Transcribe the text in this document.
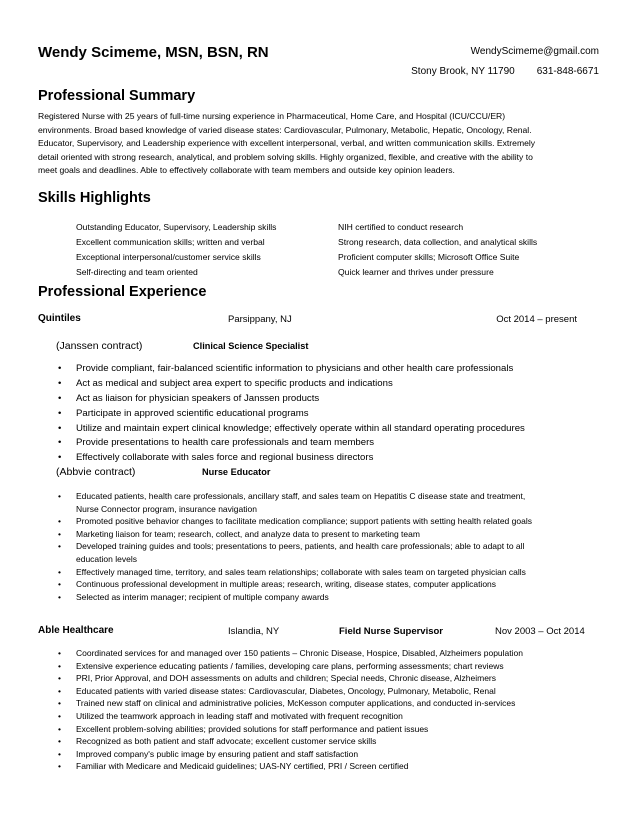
Wendy Scimeme, MSN, BSN, RN	WendyScimeme@gmail.com
Stony Brook, NY 11790 631-848-6671
Professional Summary
Registered Nurse with 25 years of full-time nursing experience in Pharmaceutical, Home Care, and Hospital (ICU/CCU/ER)
environments. Broad based knowledge of varied disease states: Cardiovascular, Pulmonary, Metabolic, Hepatic, Oncology, Renal.
Educator, Supervisory, and Leadership experience with excellent interpersonal, verbal, and written communication skills. Extremely
detail oriented with strong research, analytical, and problem solving skills. Highly organized, flexible, and creative with the ability to
meet goals and deadlines. Able to effectively collaborate with team members and outside key opinion leaders.
Skills Highlights
Outstanding Educator, Supervisory, Leadership skills	NIH certified to conduct research
Excellent communication skills; written and verbal	Strong research, data collection, and analytical skills
Exceptional interpersonal/customer service skills	Proficient computer skills; Microsoft Office Suite
Self-directing and team oriented	Quick learner and thrives under pressure
Professional Experience
Quintiles	Parsippany, NJ	Oct 2014 – present
(Janssen contract)	Clinical Science Specialist
• Provide compliant, fair-balanced scientific information to physicians and other health care professionals
• Act as medical and subject area expert to specific products and indications
• Act as liaison for physician speakers of Janssen products
• Participate in approved scientific educational programs
• Utilize and maintain expert clinical knowledge; effectively operate within all standard operating procedures
• Provide presentations to health care professionals and team members
• Effectively collaborate with sales force and regional business directors
(Abbvie contract)	Nurse Educator
• Educated patients, health care professionals, ancillary staff, and sales team on Hepatitis C disease state and treatment,
Nurse Connector program, insurance navigation
• Promoted positive behavior changes to facilitate medication compliance; support patients with setting health related goals
• Marketing liaison for team; research, collect, and analyze data to present to marketing team
• Developed training guides and tools; presentations to peers, patients, and health care professionals; able to adapt to all
education levels
• Effectively managed time, territory, and sales team relationships; collaborate with sales team on targeted physician calls
• Continuous professional development in multiple areas; research, writing, disease states, computer applications
• Selected as interim manager; recipient of multiple company awards
Able Healthcare	Islandia, NY	Field Nurse Supervisor	Nov 2003 – Oct 2014
• Coordinated services for and managed over 150 patients – Chronic Disease, Hospice, Disabled, Alzheimers population
• Extensive experience educating patients / families, developing care plans, performing assessments; chart reviews
• PRI, Prior Approval, and DOH assessments on adults and children; Special needs, Chronic disease, Alzheimers
• Educated patients with varied disease states: Cardiovascular, Diabetes, Oncology, Pulmonary, Metabolic, Renal
• Trained new staff on clinical and administrative policies, McKesson computer applications, and conducted in-services
• Utilized the teamwork approach in leading staff and motivated with frequent recognition
• Excellent problem-solving abilities; provided solutions for staff performance and patient issues
• Recognized as both patient and staff advocate; excellent customer service skills
• Improved company's public image by ensuring patient and staff satisfaction
• Familiar with Medicare and Medicaid guidelines; UAS-NY certified, PRI / Screen certified
